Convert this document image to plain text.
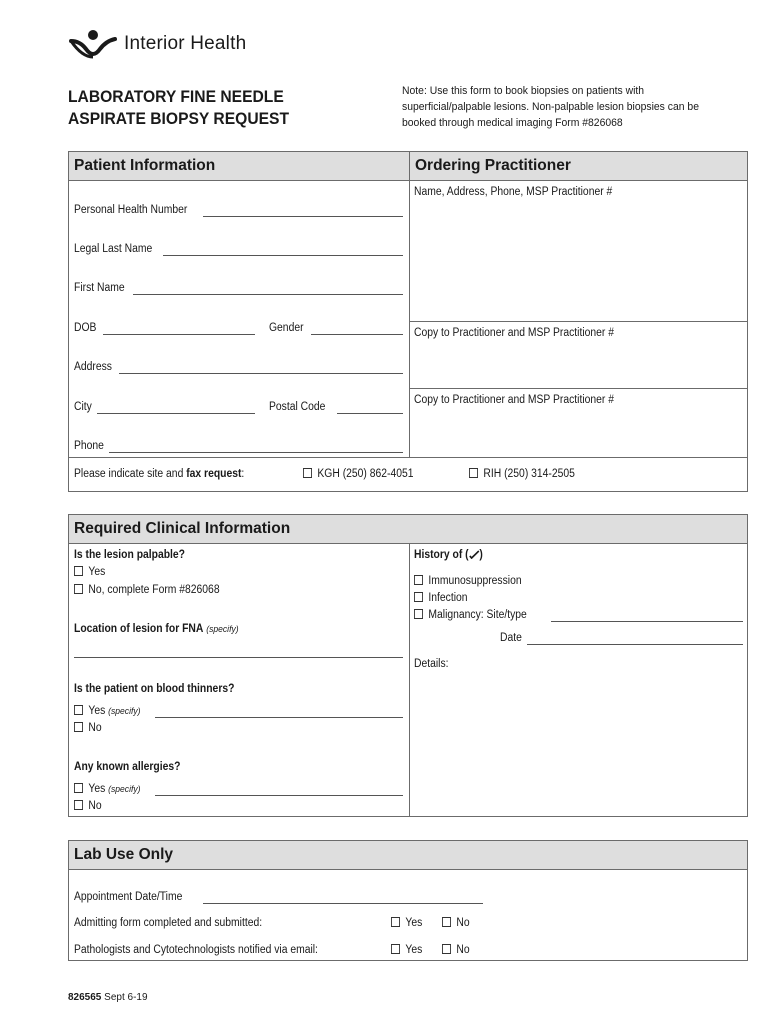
Interior Health
LABORATORY FINE NEEDLE
ASPIRATE BIOPSY REQUEST
Note: Use this form to book biopsies on patients with
superficial/palpable lesions. Non-palpable lesion biopsies can be
booked through medical imaging Form #826068
Patient Information	Ordering Practitioner
Personal Health Number
Legal Last Name
First Name
DOB	Gender
Address
City	Postal Code
Phone
Name, Address, Phone, MSP Practitioner #
Copy to Practitioner and MSP Practitioner #
Copy to Practitioner and MSP Practitioner #
Please indicate site and fax request:	KGH (250) 862-4051	RIH (250) 314-2505
Required Clinical Information
Is the lesion palpable?
Yes
No, complete Form #826068
Location of lesion for FNA (specify)
Is the patient on blood thinners?
Yes (specify)
No
Any known allergies?
Yes (specify)
No
History of ( )
Immunosuppression
Infection
Malignancy: Site/type
Date
Details:
Lab Use Only
Appointment Date/Time
Admitting form completed and submitted:	Yes	No
Pathologists and Cytotechnologists notified via email:	Yes	No
826565 Sept 6-19
